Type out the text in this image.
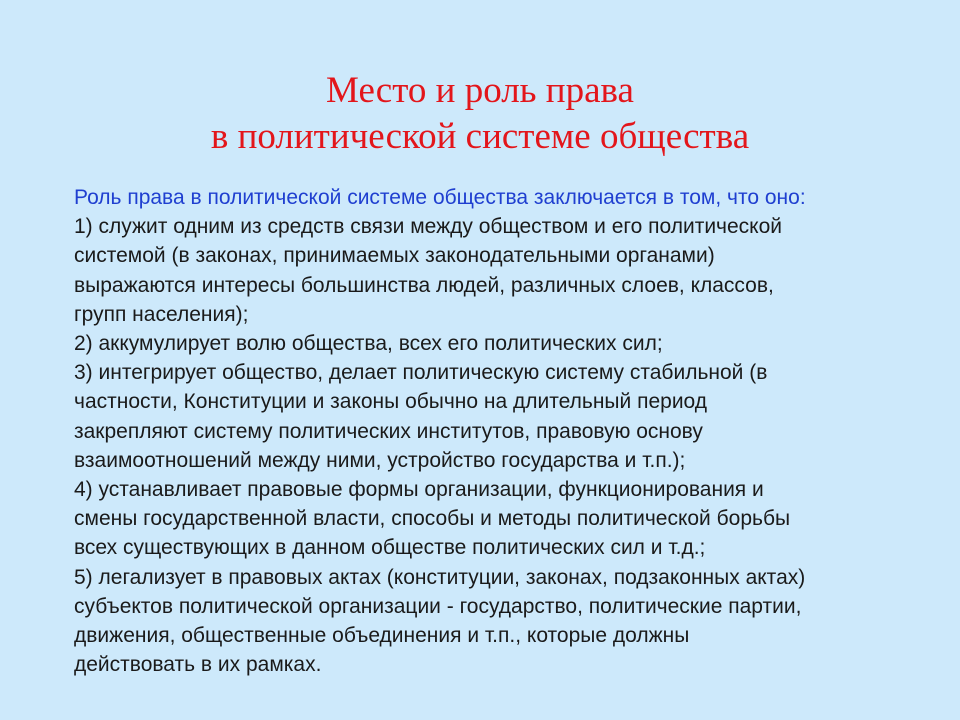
Место и роль права
в политической системе общества
Роль права в политической системе общества заключается в том, что оно:
1) служит одним из средств связи между обществом и его политической
системой (в законах, принимаемых законодательными органами)
выражаются интересы большинства людей, различных слоев, классов,
групп населения);
2) аккумулирует волю общества, всех его политических сил;
3) интегрирует общество, делает политическую систему стабильной (в
частности, Конституции и законы обычно на длительный период
закрепляют систему политических институтов, правовую основу
взаимоотношений между ними, устройство государства и т.п.);
4) устанавливает правовые формы организации, функционирования и
смены государственной власти, способы и методы политической борьбы
всех существующих в данном обществе политических сил и т.д.;
5) легализует в правовых актах (конституции, законах, подзаконных актах)
субъектов политической организации - государство, политические партии,
движения, общественные объединения и т.п., которые должны
действовать в их рамках.
